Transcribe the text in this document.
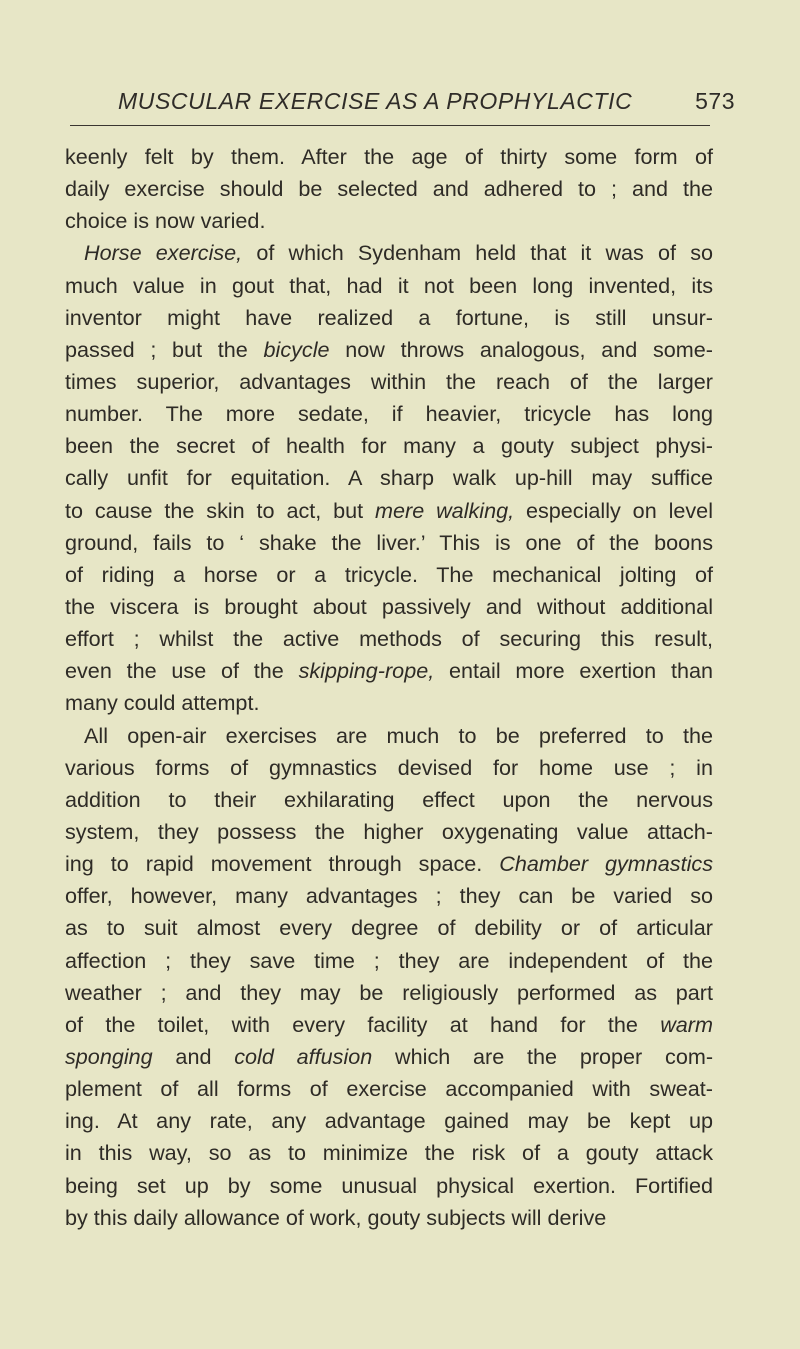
MUSCULAR EXERCISE AS A PROPHYLACTIC	573
keenly felt by them. After the age of thirty some form of
daily exercise should be selected and adhered to ; and the
choice is now varied.
Horse exercise, of which Sydenham held that it was of so
much value in gout that, had it not been long invented, its
inventor might have realized a fortune, is still unsur-
passed ; but the bicycle now throws analogous, and some-
times superior, advantages within the reach of the larger
number. The more sedate, if heavier, tricycle has long
been the secret of health for many a gouty subject physi-
cally unfit for equitation. A sharp walk up-hill may suffice
to cause the skin to act, but mere walking, especially on level
ground, fails to ‘ shake the liver.’ This is one of the boons
of riding a horse or a tricycle. The mechanical jolting of
the viscera is brought about passively and without additional
effort ; whilst the active methods of securing this result,
even the use of the skipping-rope, entail more exertion than
many could attempt.
All open-air exercises are much to be preferred to the
various forms of gymnastics devised for home use ; in
addition to their exhilarating effect upon the nervous
system, they possess the higher oxygenating value attach-
ing to rapid movement through space. Chamber gymnastics
offer, however, many advantages ; they can be varied so
as to suit almost every degree of debility or of articular
affection ; they save time ; they are independent of the
weather ; and they may be religiously performed as part
of the toilet, with every facility at hand for the warm
sponging and cold affusion which are the proper com-
plement of all forms of exercise accompanied with sweat-
ing. At any rate, any advantage gained may be kept up
in this way, so as to minimize the risk of a gouty attack
being set up by some unusual physical exertion. Fortified
by this daily allowance of work, gouty subjects will derive
